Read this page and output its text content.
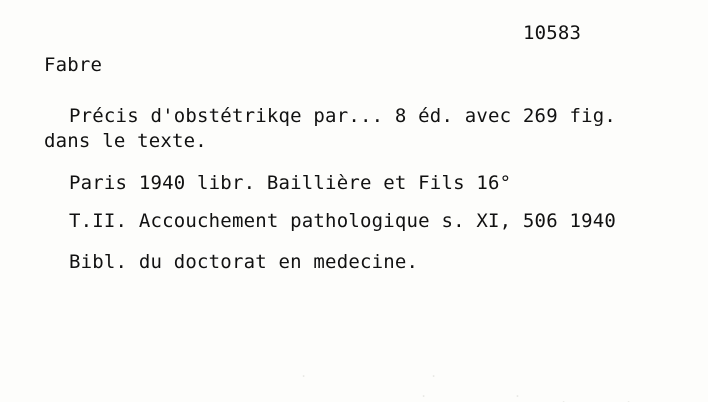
10583
Fabre
Précis d'obstétrikqe par... 8 éd. avec 269 fig.
dans le texte.
Paris 1940 libr. Baillière et Fils 16°
T.II. Accouchement pathologique s. XI, 506 1940
Bibl. du doctorat en medecine.
.                 .
.            .	.        .
